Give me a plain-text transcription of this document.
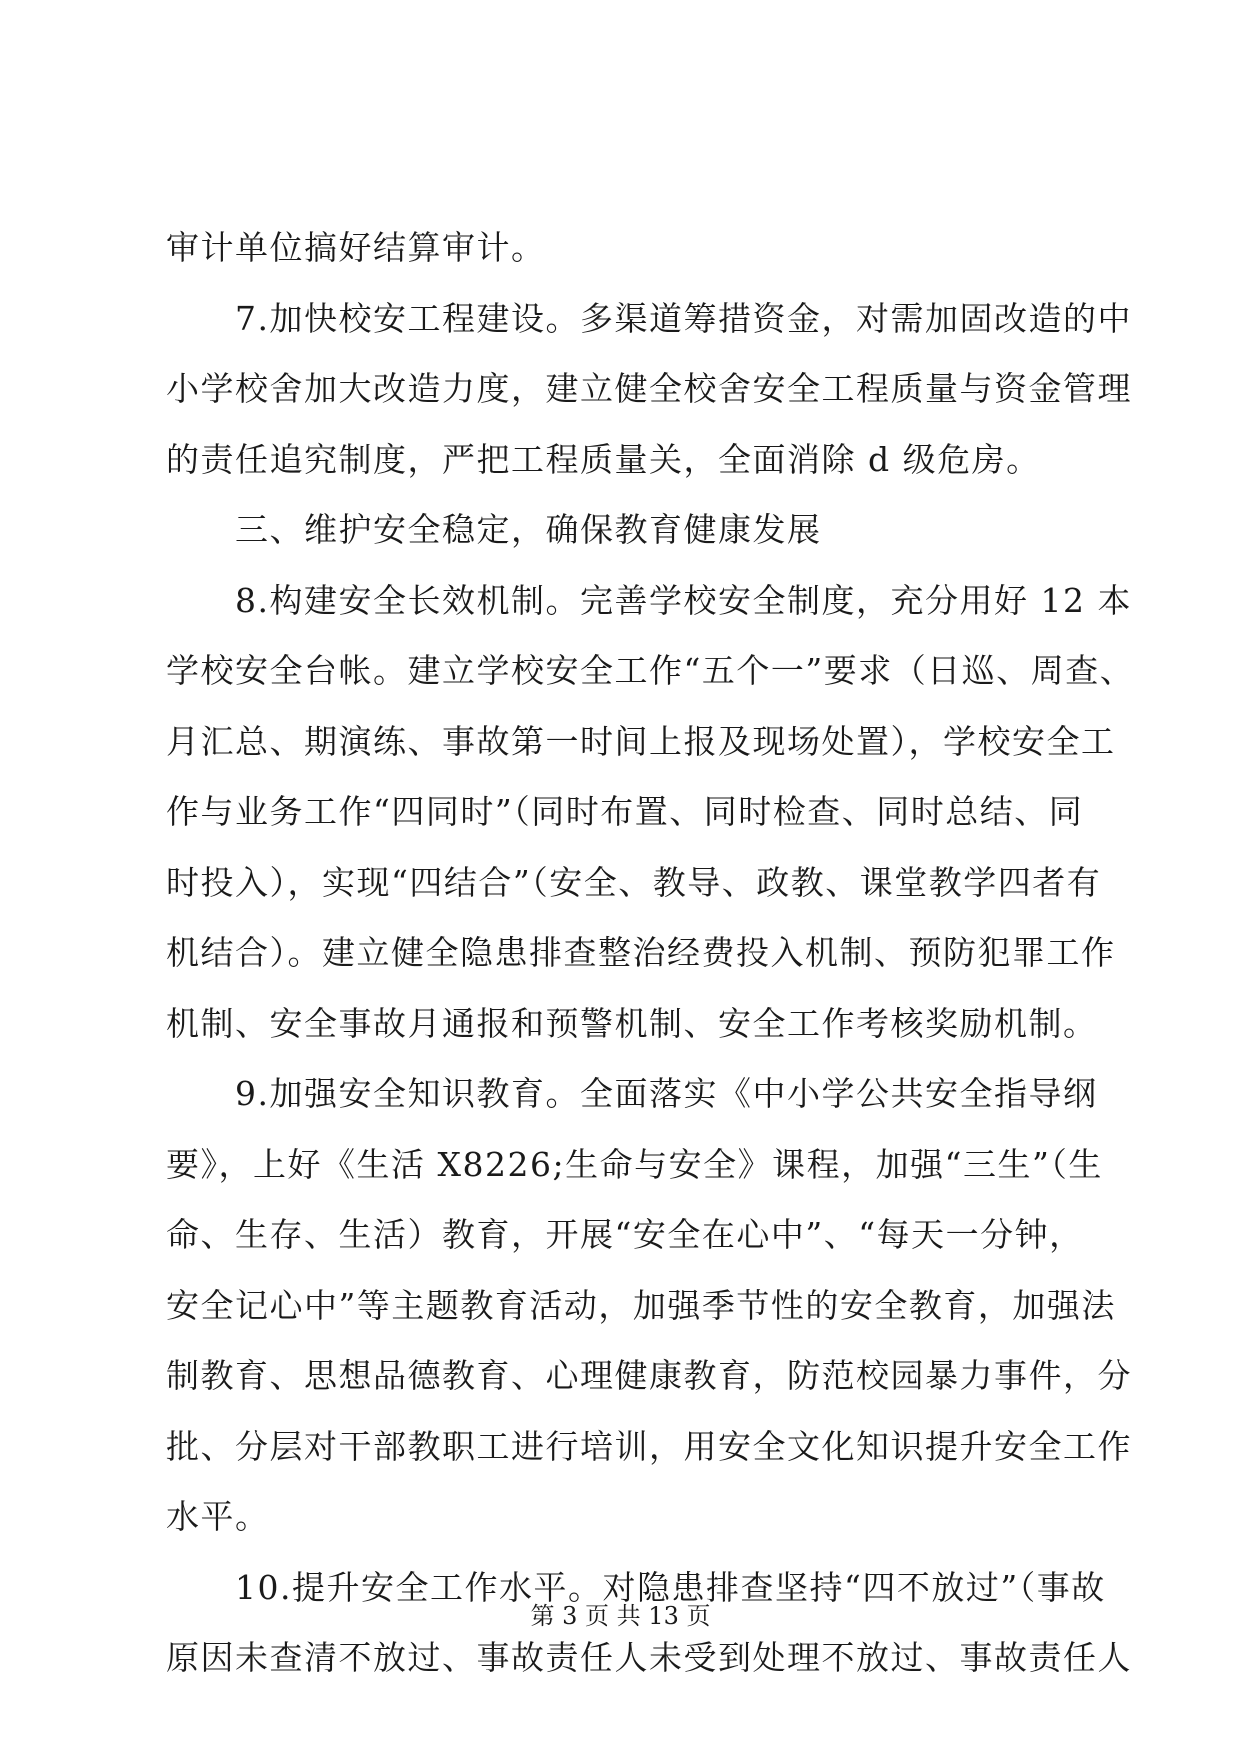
审计单位搞好结算审计。
　　7.加快校安工程建设。多渠道筹措资金，对需加固改造的中
小学校舍加大改造力度，建立健全校舍安全工程质量与资金管理
的责任追究制度，严把工程质量关，全面消除 d 级危房。
　　三、维护安全稳定，确保教育健康发展
　　8.构建安全长效机制。完善学校安全制度，充分用好 12 本
学校安全台帐。建立学校安全工作“五个一”要求（日巡、周查、
月汇总、期演练、事故第一时间上报及现场处置），学校安全工
作与业务工作“四同时”（同时布置、同时检查、同时总结、同
时投入），实现“四结合”（安全、教导、政教、课堂教学四者有
机结合）。建立健全隐患排查整治经费投入机制、预防犯罪工作
机制、安全事故月通报和预警机制、安全工作考核奖励机制。
　　9.加强安全知识教育。全面落实《中小学公共安全指导纲
要》，上好《生活 X8226;生命与安全》课程，加强“三生”（生
命、生存、生活）教育，开展“安全在心中”、“每天一分钟，
安全记心中”等主题教育活动，加强季节性的安全教育，加强法
制教育、思想品德教育、心理健康教育，防范校园暴力事件，分
批、分层对干部教职工进行培训，用安全文化知识提升安全工作
水平。
　　10.提升安全工作水平。对隐患排查坚持“四不放过”（事故
原因未查清不放过、事故责任人未受到处理不放过、事故责任人
第 3 页 共 13 页
